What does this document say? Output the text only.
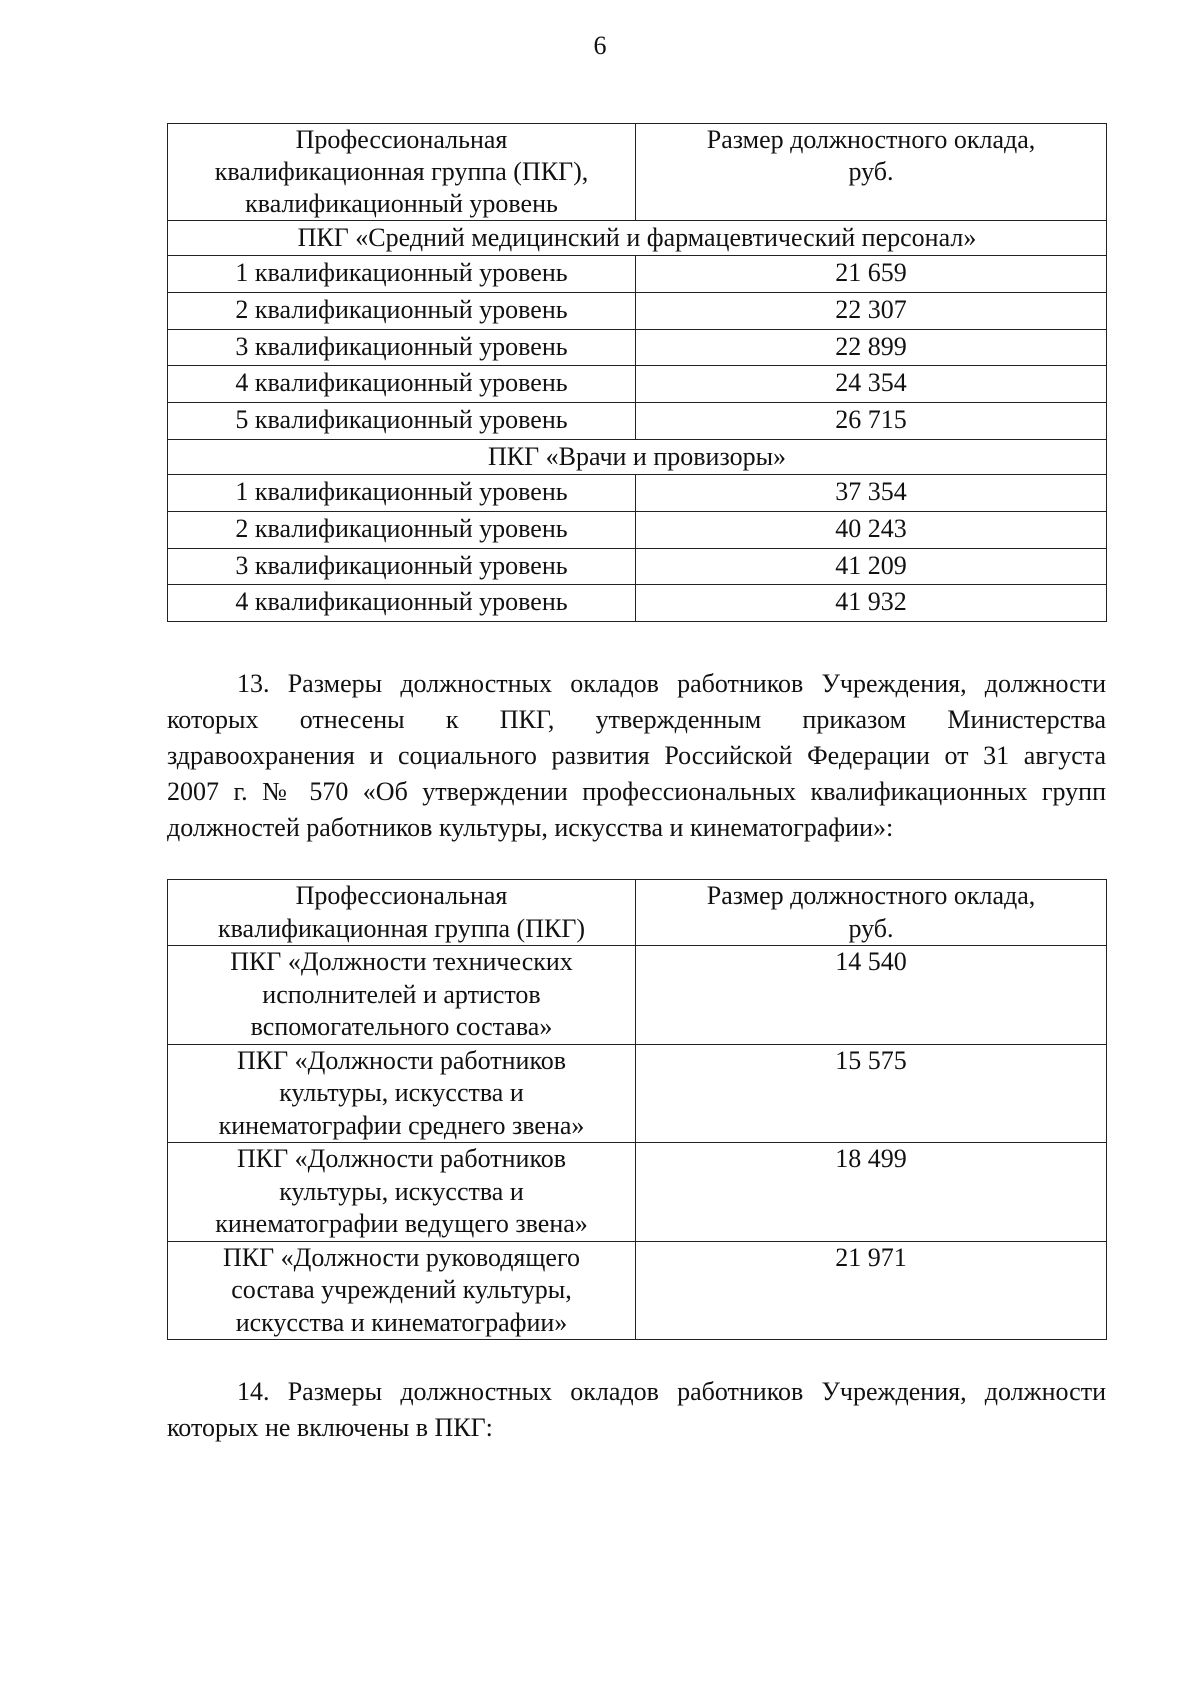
6
Профессиональная
квалификационная группа (ПКГ),
квалификационный уровень	Размер должностного оклада,
руб.

ПКГ «Средний медицинский и фармацевтический персонал»	
1 квалификационный уровень	21 659
2 квалификационный уровень	22 307
3 квалификационный уровень	22 899
4 квалификационный уровень	24 354
5 квалификационный уровень	26 715
ПКГ «Врачи и провизоры»	
1 квалификационный уровень	37 354
2 квалификационный уровень	40 243
3 квалификационный уровень	41 209
4 квалификационный уровень	41 932
13. Размеры должностных окладов работников Учреждения, должности
которых отнесены к ПКГ, утвержденным приказом Министерства
здравоохранения и социального развития Российской Федерации от 31 августа
2007 г. № 570 «Об утверждении профессиональных квалификационных групп
должностей работников культуры, искусства и кинематографии»:
Профессиональная
квалификационная группа (ПКГ)	Размер должностного оклада,
руб.

ПКГ «Должности технических
исполнителей и артистов
вспомогательного состава»	14 540

ПКГ «Должности работников
культуры, искусства и
кинематографии среднего звена»	15 575

ПКГ «Должности работников
культуры, искусства и
кинематографии ведущего звена»	18 499

ПКГ «Должности руководящего
состава учреждений культуры,
искусства и кинематографии»	21 971
14. Размеры должностных окладов работников Учреждения, должности
которых не включены в ПКГ:
